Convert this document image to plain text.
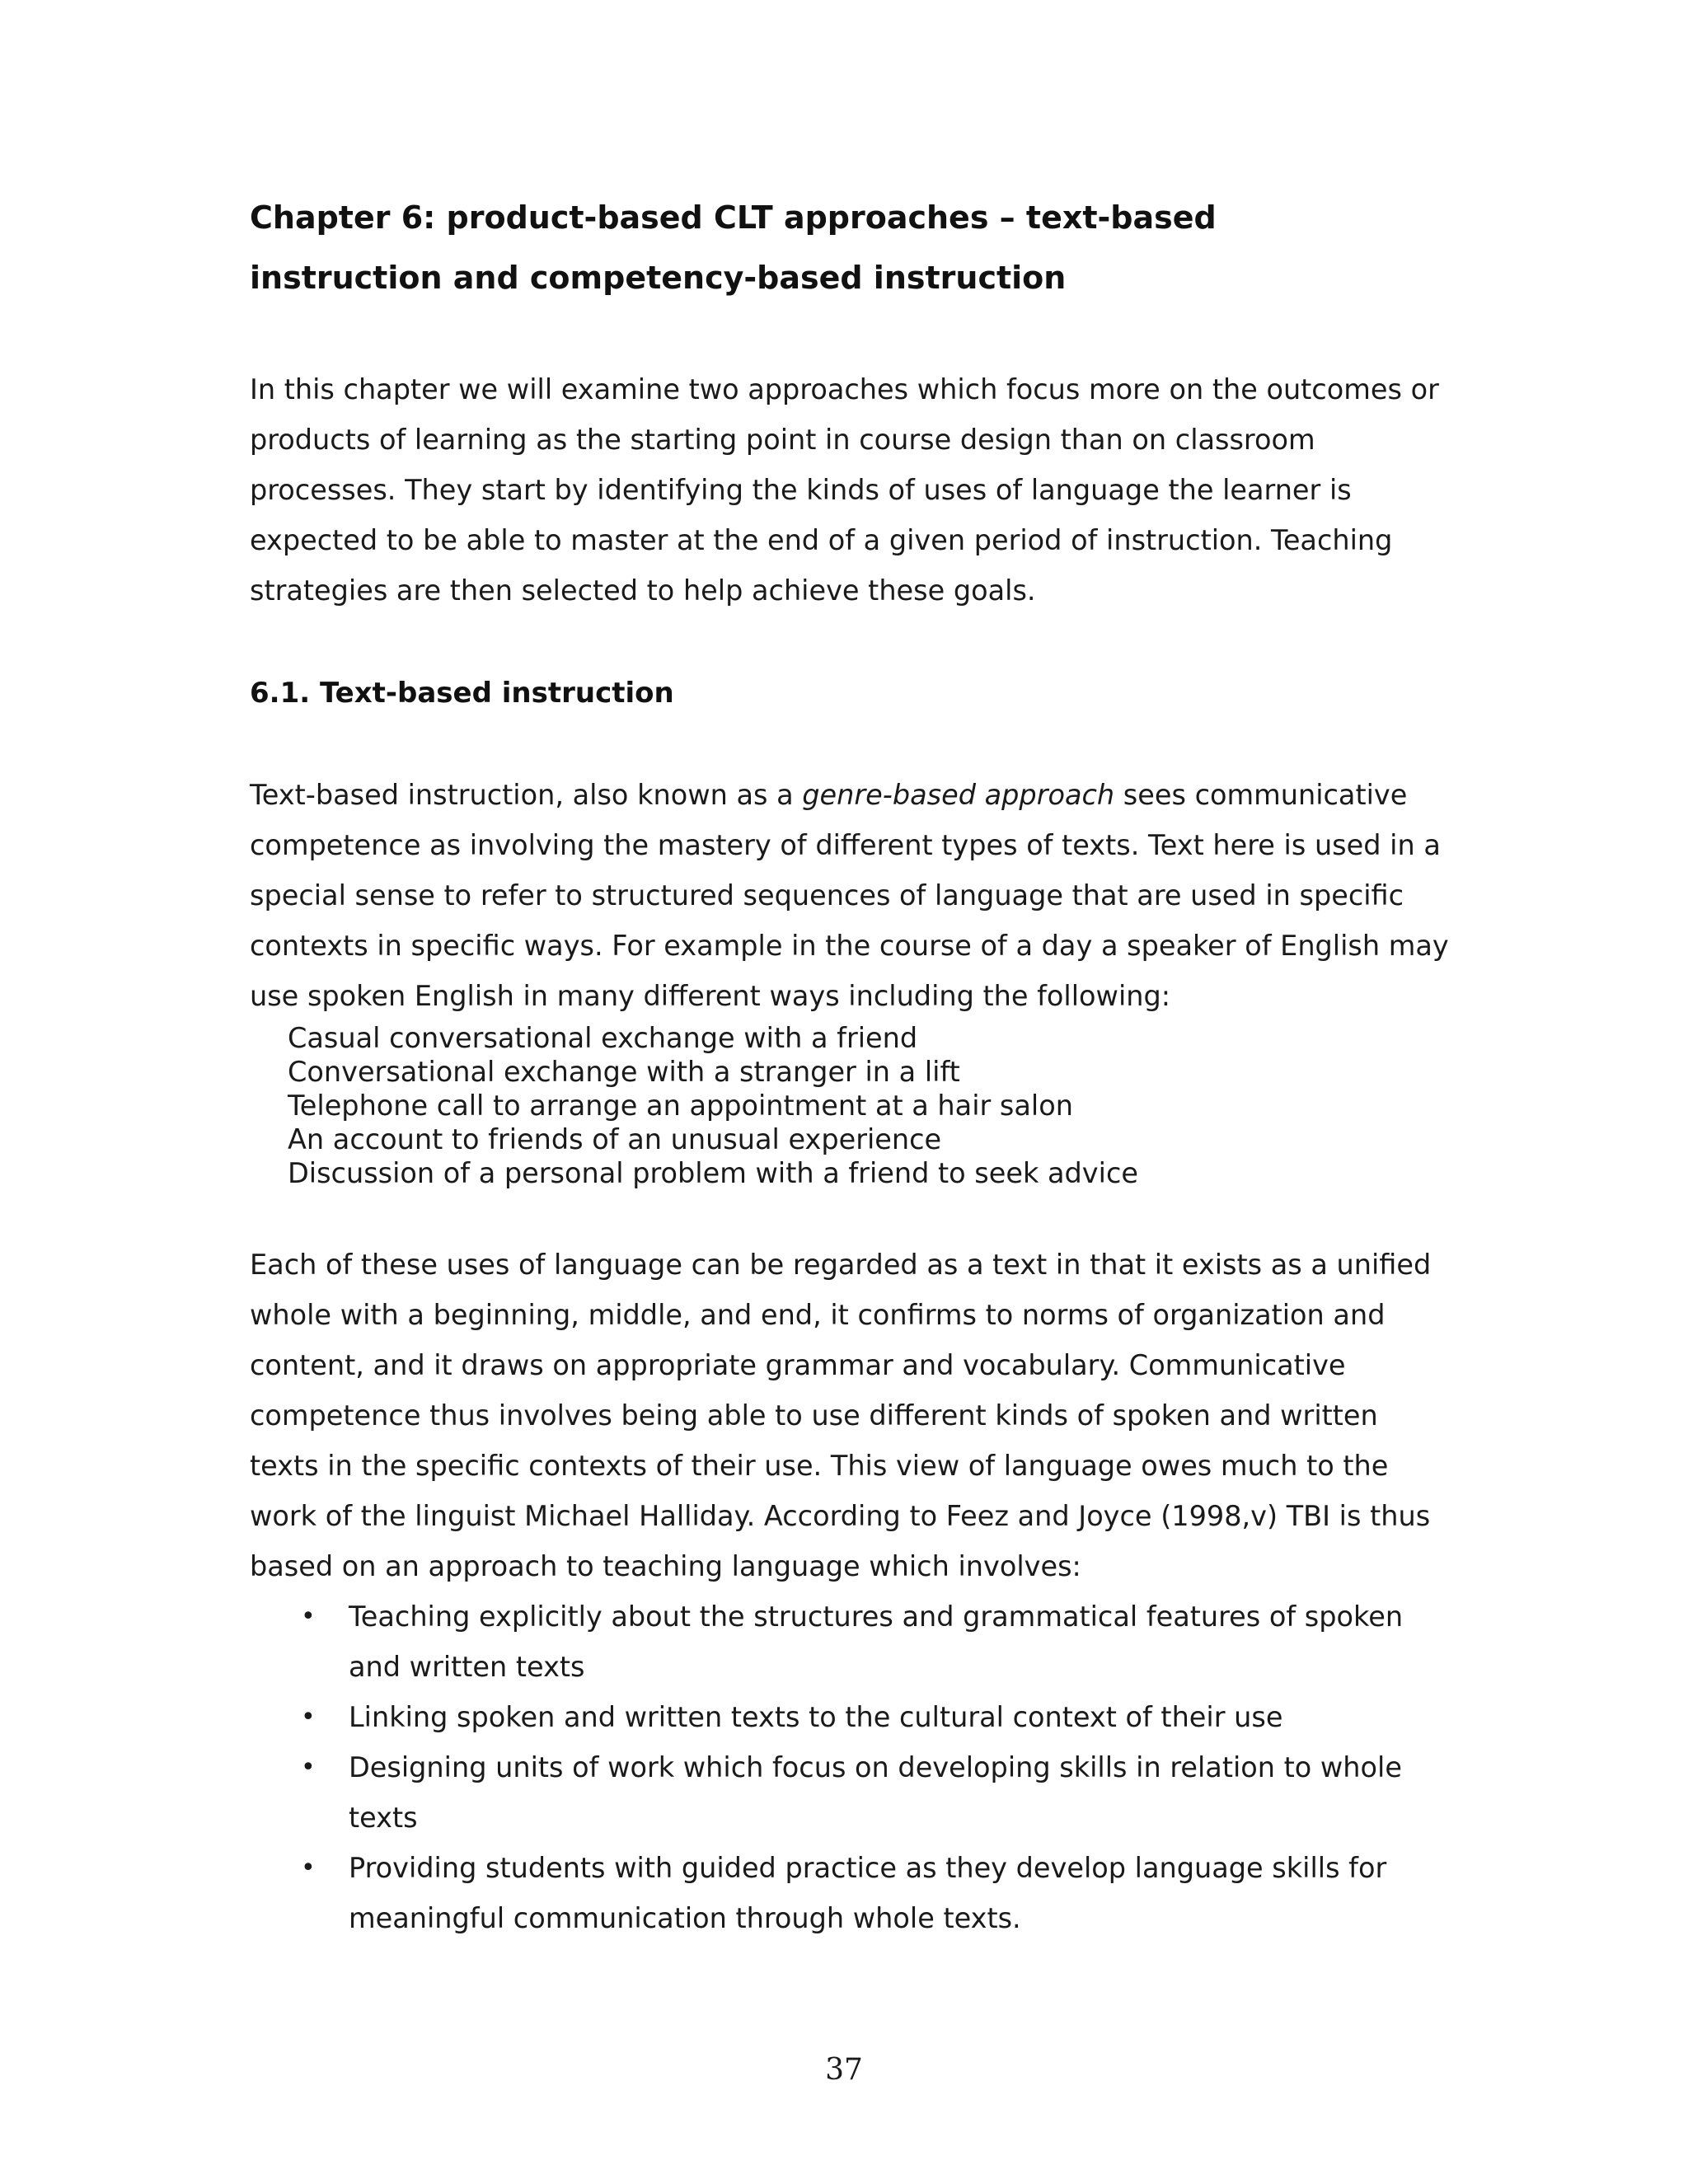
Chapter 6: product-based CLT approaches – text-based
instruction and competency-based instruction

In this chapter we will examine two approaches which focus more on the outcomes or products of learning as the starting point in course design than on classroom processes. They start by identifying the kinds of uses of language the learner is expected to be able to master at the end of a given period of instruction. Teaching strategies are then selected to help achieve these goals.

6.1. Text-based instruction

Text-based instruction, also known as a genre-based approach sees communicative competence as involving the mastery of different types of texts. Text here is used in a special sense to refer to structured sequences of language that are used in specific contexts in specific ways. For example in the course of a day a speaker of English may use spoken English in many different ways including the following:

Casual conversational exchange with a friend
Conversational exchange with a stranger in a lift
Telephone call to arrange an appointment at a hair salon
An account to friends of an unusual experience
Discussion of a personal problem with a friend to seek advice

Each of these uses of language can be regarded as a text in that it exists as a unified whole with a beginning, middle, and end, it confirms to norms of organization and content, and it draws on appropriate grammar and vocabulary. Communicative competence thus involves being able to use different kinds of spoken and written texts in the specific contexts of their use. This view of language owes much to the work of the linguist Michael Halliday. According to Feez and Joyce (1998,v) TBI is thus based on an approach to teaching language which involves:

• Teaching explicitly about the structures and grammatical features of spoken and written texts
• Linking spoken and written texts to the cultural context of their use
• Designing units of work which focus on developing skills in relation to whole texts
• Providing students with guided practice as they develop language skills for meaningful communication through whole texts.
37
